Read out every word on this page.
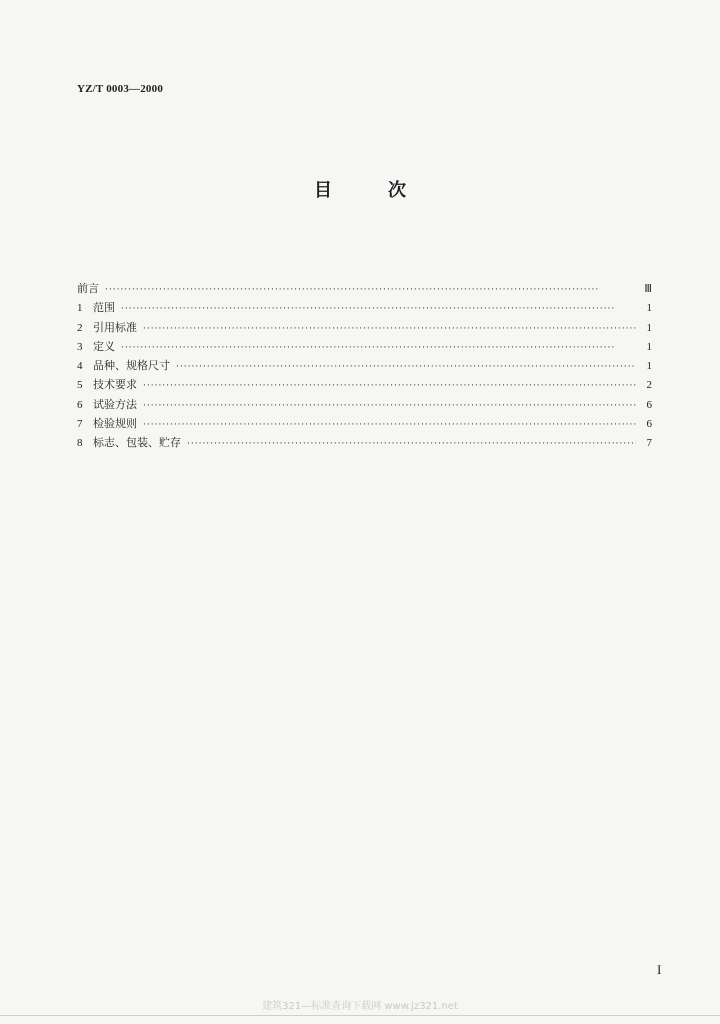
YZ/T 0003—2000
目	次
前言 ·····	Ⅲ
1 范围 ·····	1
2 引用标准 ·····	1
3 定义 ·····	1
4 品种、规格尺寸 ·····	1
5 技术要求 ·····	2
6 试验方法 ·····	6
7 检验规则 ·····	6
8 标志、包装、贮存 ·····	7
I
建筑321—标准查询下载网 www.jz321.net
